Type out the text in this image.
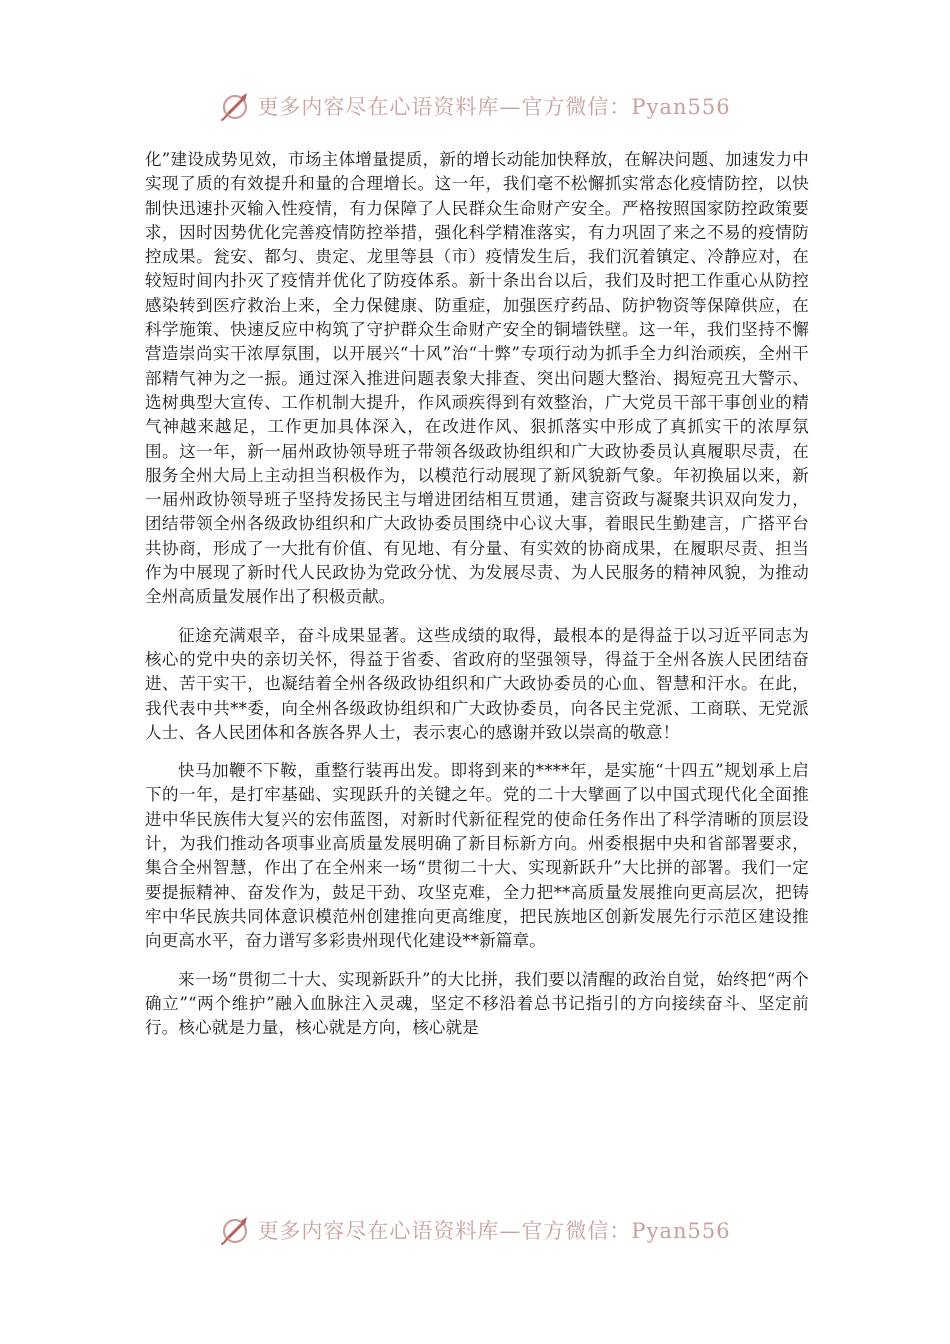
更多内容尽在心语资料库—官方微信：Pyan556

化”建设成势见效，市场主体增量提质，新的增长动能加快释放，在解决问题、加速发力中实现了质的有效提升和量的合理增长。这一年，我们毫不松懈抓实常态化疫情防控，以快制快迅速扑灭输入性疫情，有力保障了人民群众生命财产安全。严格按照国家防控政策要求，因时因势优化完善疫情防控举措，强化科学精准落实，有力巩固了来之不易的疫情防控成果。瓮安、都匀、贵定、龙里等县（市）疫情发生后，我们沉着镇定、冷静应对，在较短时间内扑灭了疫情并优化了防疫体系。新十条出台以后，我们及时把工作重心从防控感染转到医疗救治上来，全力保健康、防重症，加强医疗药品、防护物资等保障供应，在科学施策、快速反应中构筑了守护群众生命财产安全的铜墙铁壁。这一年，我们坚持不懈营造崇尚实干浓厚氛围，以开展兴“十风”治“十弊”专项行动为抓手全力纠治顽疾，全州干部精气神为之一振。通过深入推进问题表象大排查、突出问题大整治、揭短亮丑大警示、选树典型大宣传、工作机制大提升，作风顽疾得到有效整治，广大党员干部干事创业的精气神越来越足，工作更加具体深入，在改进作风、狠抓落实中形成了真抓实干的浓厚氛围。这一年，新一届州政协领导班子带领各级政协组织和广大政协委员认真履职尽责，在服务全州大局上主动担当积极作为，以模范行动展现了新风貌新气象。年初换届以来，新一届州政协领导班子坚持发扬民主与增进团结相互贯通，建言资政与凝聚共识双向发力，团结带领全州各级政协组织和广大政协委员围绕中心议大事，着眼民生勤建言，广搭平台共协商，形成了一大批有价值、有见地、有分量、有实效的协商成果，在履职尽责、担当作为中展现了新时代人民政协为党政分忧、为发展尽责、为人民服务的精神风貌，为推动全州高质量发展作出了积极贡献。

征途充满艰辛，奋斗成果显著。这些成绩的取得，最根本的是得益于以习近平同志为核心的党中央的亲切关怀，得益于省委、省政府的坚强领导，得益于全州各族人民团结奋进、苦干实干，也凝结着全州各级政协组织和广大政协委员的心血、智慧和汗水。在此，我代表中共**委，向全州各级政协组织和广大政协委员，向各民主党派、工商联、无党派人士、各人民团体和各族各界人士，表示衷心的感谢并致以崇高的敬意！

快马加鞭不下鞍，重整行装再出发。即将到来的****年，是实施“十四五”规划承上启下的一年，是打牢基础、实现跃升的关键之年。党的二十大擘画了以中国式现代化全面推进中华民族伟大复兴的宏伟蓝图，对新时代新征程党的使命任务作出了科学清晰的顶层设计，为我们推动各项事业高质量发展明确了新目标新方向。州委根据中央和省部署要求，集合全州智慧，作出了在全州来一场“贯彻二十大、实现新跃升”大比拼的部署。我们一定要提振精神、奋发作为，鼓足干劲、攻坚克难，全力把**高质量发展推向更高层次，把铸牢中华民族共同体意识模范州创建推向更高维度，把民族地区创新发展先行示范区建设推向更高水平，奋力谱写多彩贵州现代化建设**新篇章。

来一场“贯彻二十大、实现新跃升”的大比拼，我们要以清醒的政治自觉，始终把“两个确立”“两个维护”融入血脉注入灵魂，坚定不移沿着总书记指引的方向接续奋斗、坚定前行。核心就是力量，核心就是方向，核心就是

更多内容尽在心语资料库—官方微信：Pyan556
